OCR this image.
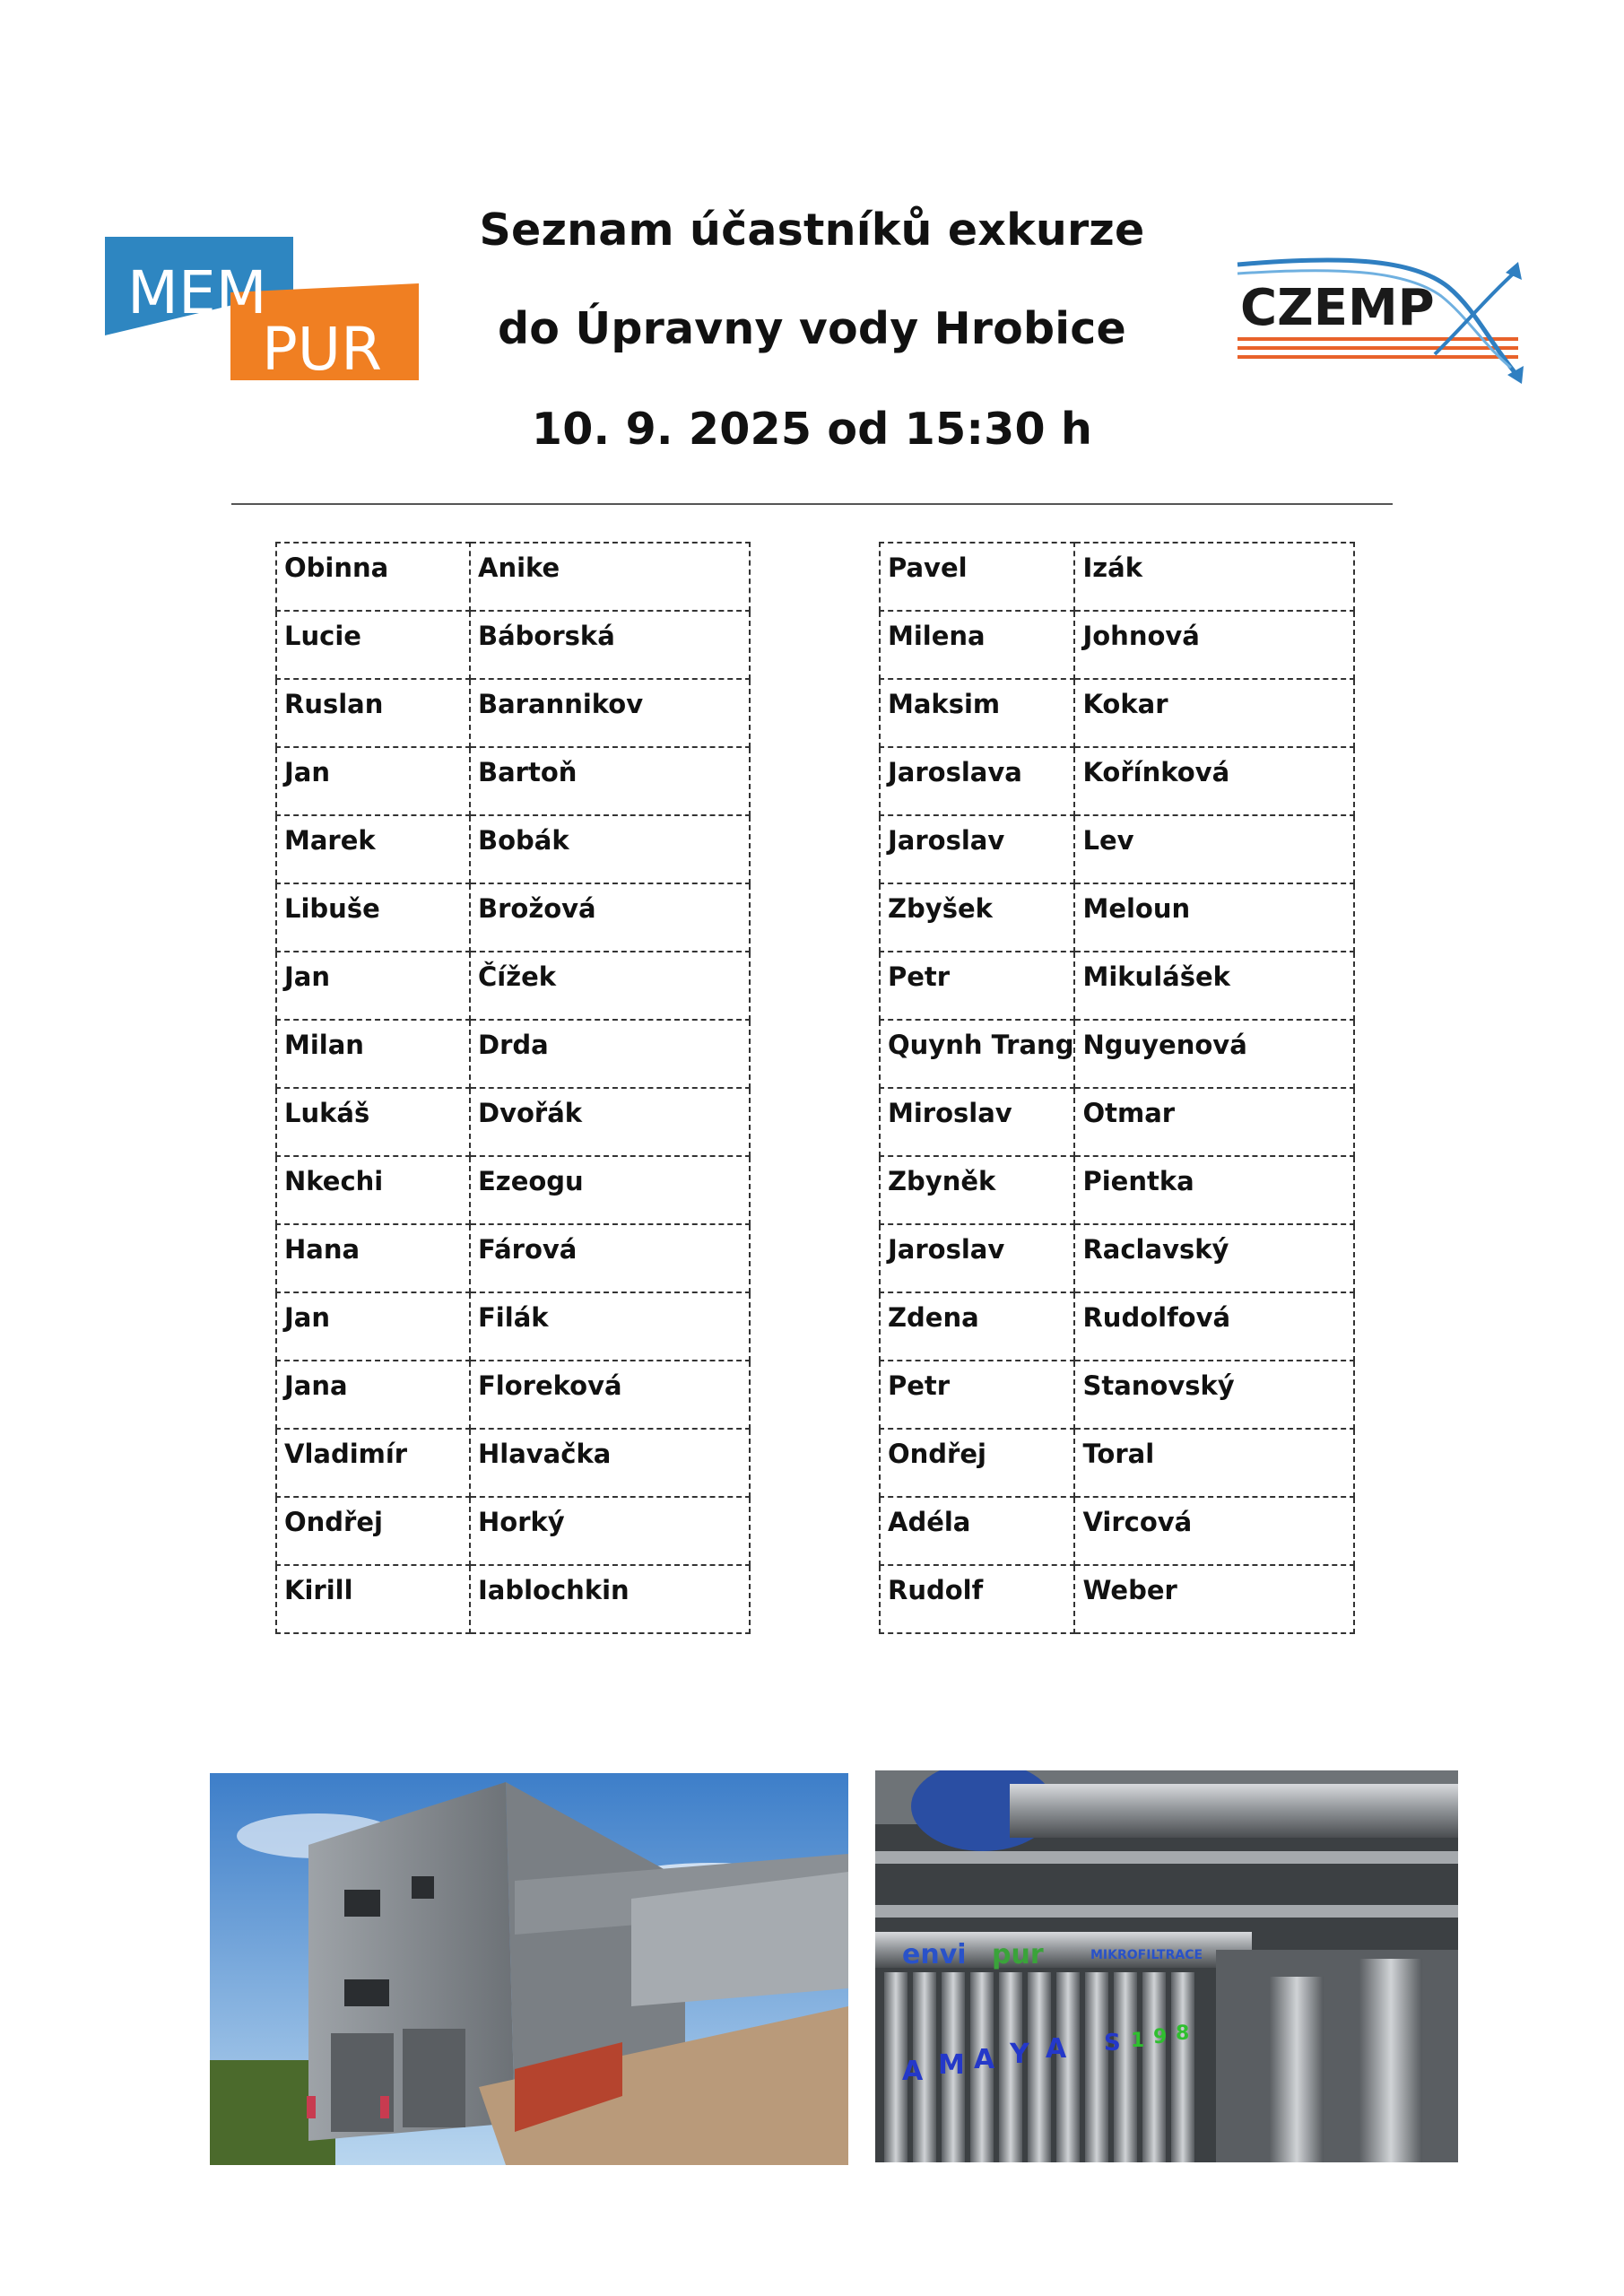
Seznam účastníků exkurze
do Úpravny vody Hrobice
10. 9. 2025 od 15:30 h
MEM
PUR
CZEMP
Obinna	Anike
Lucie	Báborská
Ruslan	Barannikov
Jan	Bartoň
Marek	Bobák
Libuše	Brožová
Jan	Čížek
Milan	Drda
Lukáš	Dvořák
Nkechi	Ezeogu
Hana	Fárová
Jan	Filák
Jana	Floreková
Vladimír	Hlavačka
Ondřej	Horký
Kirill	Iablochkin
Pavel	Izák
Milena	Johnová
Maksim	Kokar
Jaroslava	Kořínková
Jaroslav	Lev
Zbyšek	Meloun
Petr	Mikulášek
Quynh Trang	Nguyenová
Miroslav	Otmar
Zbyněk	Pientka
Jaroslav	Raclavský
Zdena	Rudolfová
Petr	Stanovský
Ondřej	Toral
Adéla	Vircová
Rudolf	Weber
envi pur	MIKROFILTRACE
A M A Y A S 1 9 8
